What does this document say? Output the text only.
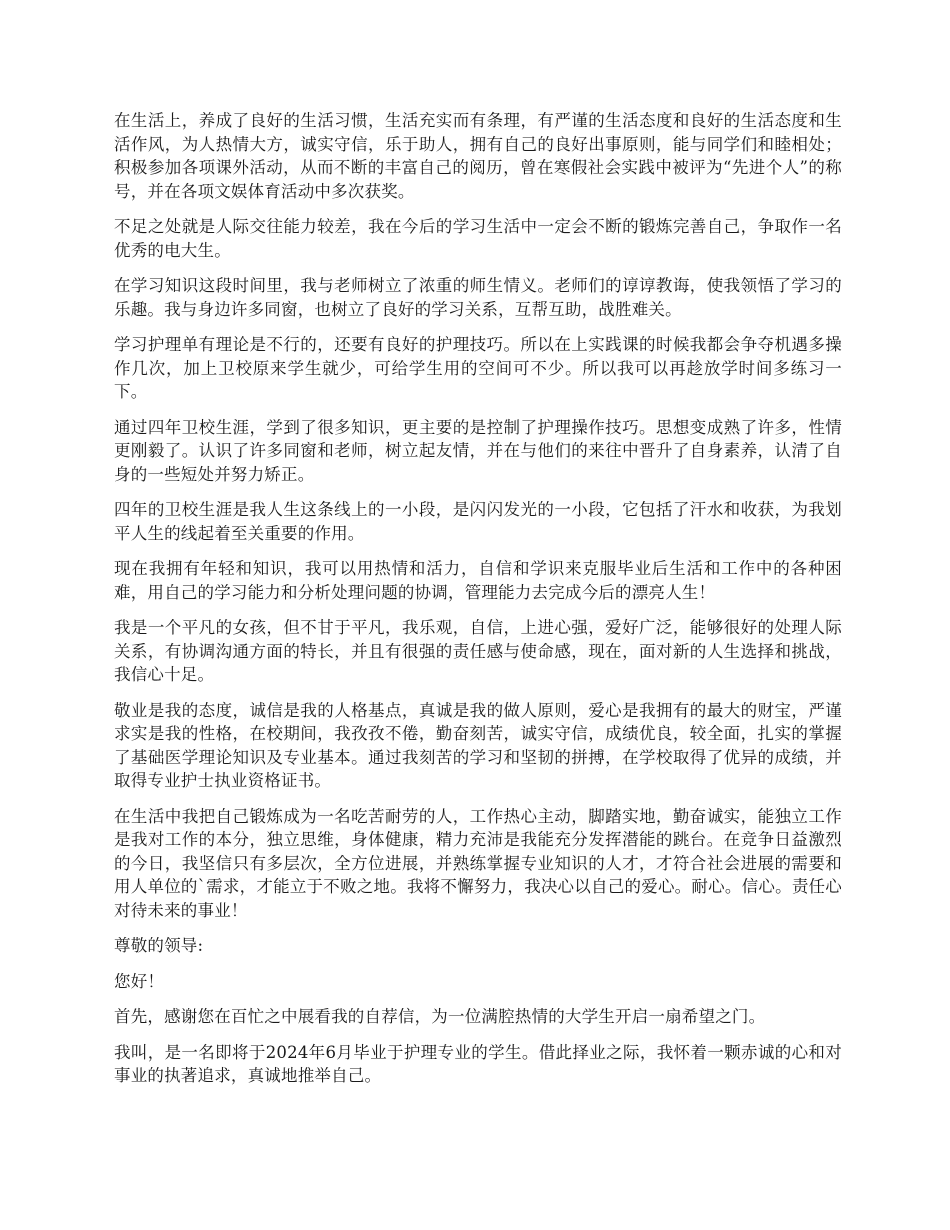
在生活上，养成了良好的生活习惯，生活充实而有条理，有严谨的生活态度和良好的生活态度和生活作风，为人热情大方，诚实守信，乐于助人，拥有自己的良好出事原则，能与同学们和睦相处；积极参加各项课外活动，从而不断的丰富自己的阅历，曾在寒假社会实践中被评为“先进个人”的称号，并在各项文娱体育活动中多次获奖。

不足之处就是人际交往能力较差，我在今后的学习生活中一定会不断的锻炼完善自己，争取作一名优秀的电大生。

在学习知识这段时间里，我与老师树立了浓重的师生情义。老师们的谆谆教诲，使我领悟了学习的乐趣。我与身边许多同窗，也树立了良好的学习关系，互帮互助，战胜难关。

学习护理单有理论是不行的，还要有良好的护理技巧。所以在上实践课的时候我都会争夺机遇多操作几次，加上卫校原来学生就少，可给学生用的空间可不少。所以我可以再趁放学时间多练习一下。

通过四年卫校生涯，学到了很多知识，更主要的是控制了护理操作技巧。思想变成熟了许多，性情更刚毅了。认识了许多同窗和老师，树立起友情，并在与他们的来往中晋升了自身素养，认清了自身的一些短处并努力矫正。

四年的卫校生涯是我人生这条线上的一小段，是闪闪发光的一小段，它包括了汗水和收获，为我划平人生的线起着至关重要的作用。

现在我拥有年轻和知识，我可以用热情和活力，自信和学识来克服毕业后生活和工作中的各种困难，用自己的学习能力和分析处理问题的协调，管理能力去完成今后的漂亮人生！

我是一个平凡的女孩，但不甘于平凡，我乐观，自信，上进心强，爱好广泛，能够很好的处理人际关系，有协调沟通方面的特长，并且有很强的责任感与使命感，现在，面对新的人生选择和挑战，我信心十足。

敬业是我的态度，诚信是我的人格基点，真诚是我的做人原则，爱心是我拥有的最大的财宝，严谨求实是我的性格，在校期间，我孜孜不倦，勤奋刻苦，诚实守信，成绩优良，较全面，扎实的掌握了基础医学理论知识及专业基本。通过我刻苦的学习和坚韧的拼搏，在学校取得了优异的成绩，并取得专业护士执业资格证书。

在生活中我把自己锻炼成为一名吃苦耐劳的人，工作热心主动，脚踏实地，勤奋诚实，能独立工作是我对工作的本分，独立思维，身体健康，精力充沛是我能充分发挥潜能的跳台。在竞争日益激烈的今日，我坚信只有多层次，全方位进展，并熟练掌握专业知识的人才，才符合社会进展的需要和用人单位的`需求，才能立于不败之地。我将不懈努力，我决心以自己的爱心。耐心。信心。责任心对待未来的事业！

尊敬的领导:

您好！

首先，感谢您在百忙之中展看我的自荐信，为一位满腔热情的大学生开启一扇希望之门。

我叫，是一名即将于2024年6月毕业于护理专业的学生。借此择业之际，我怀着一颗赤诚的心和对事业的执著追求，真诚地推举自己。
